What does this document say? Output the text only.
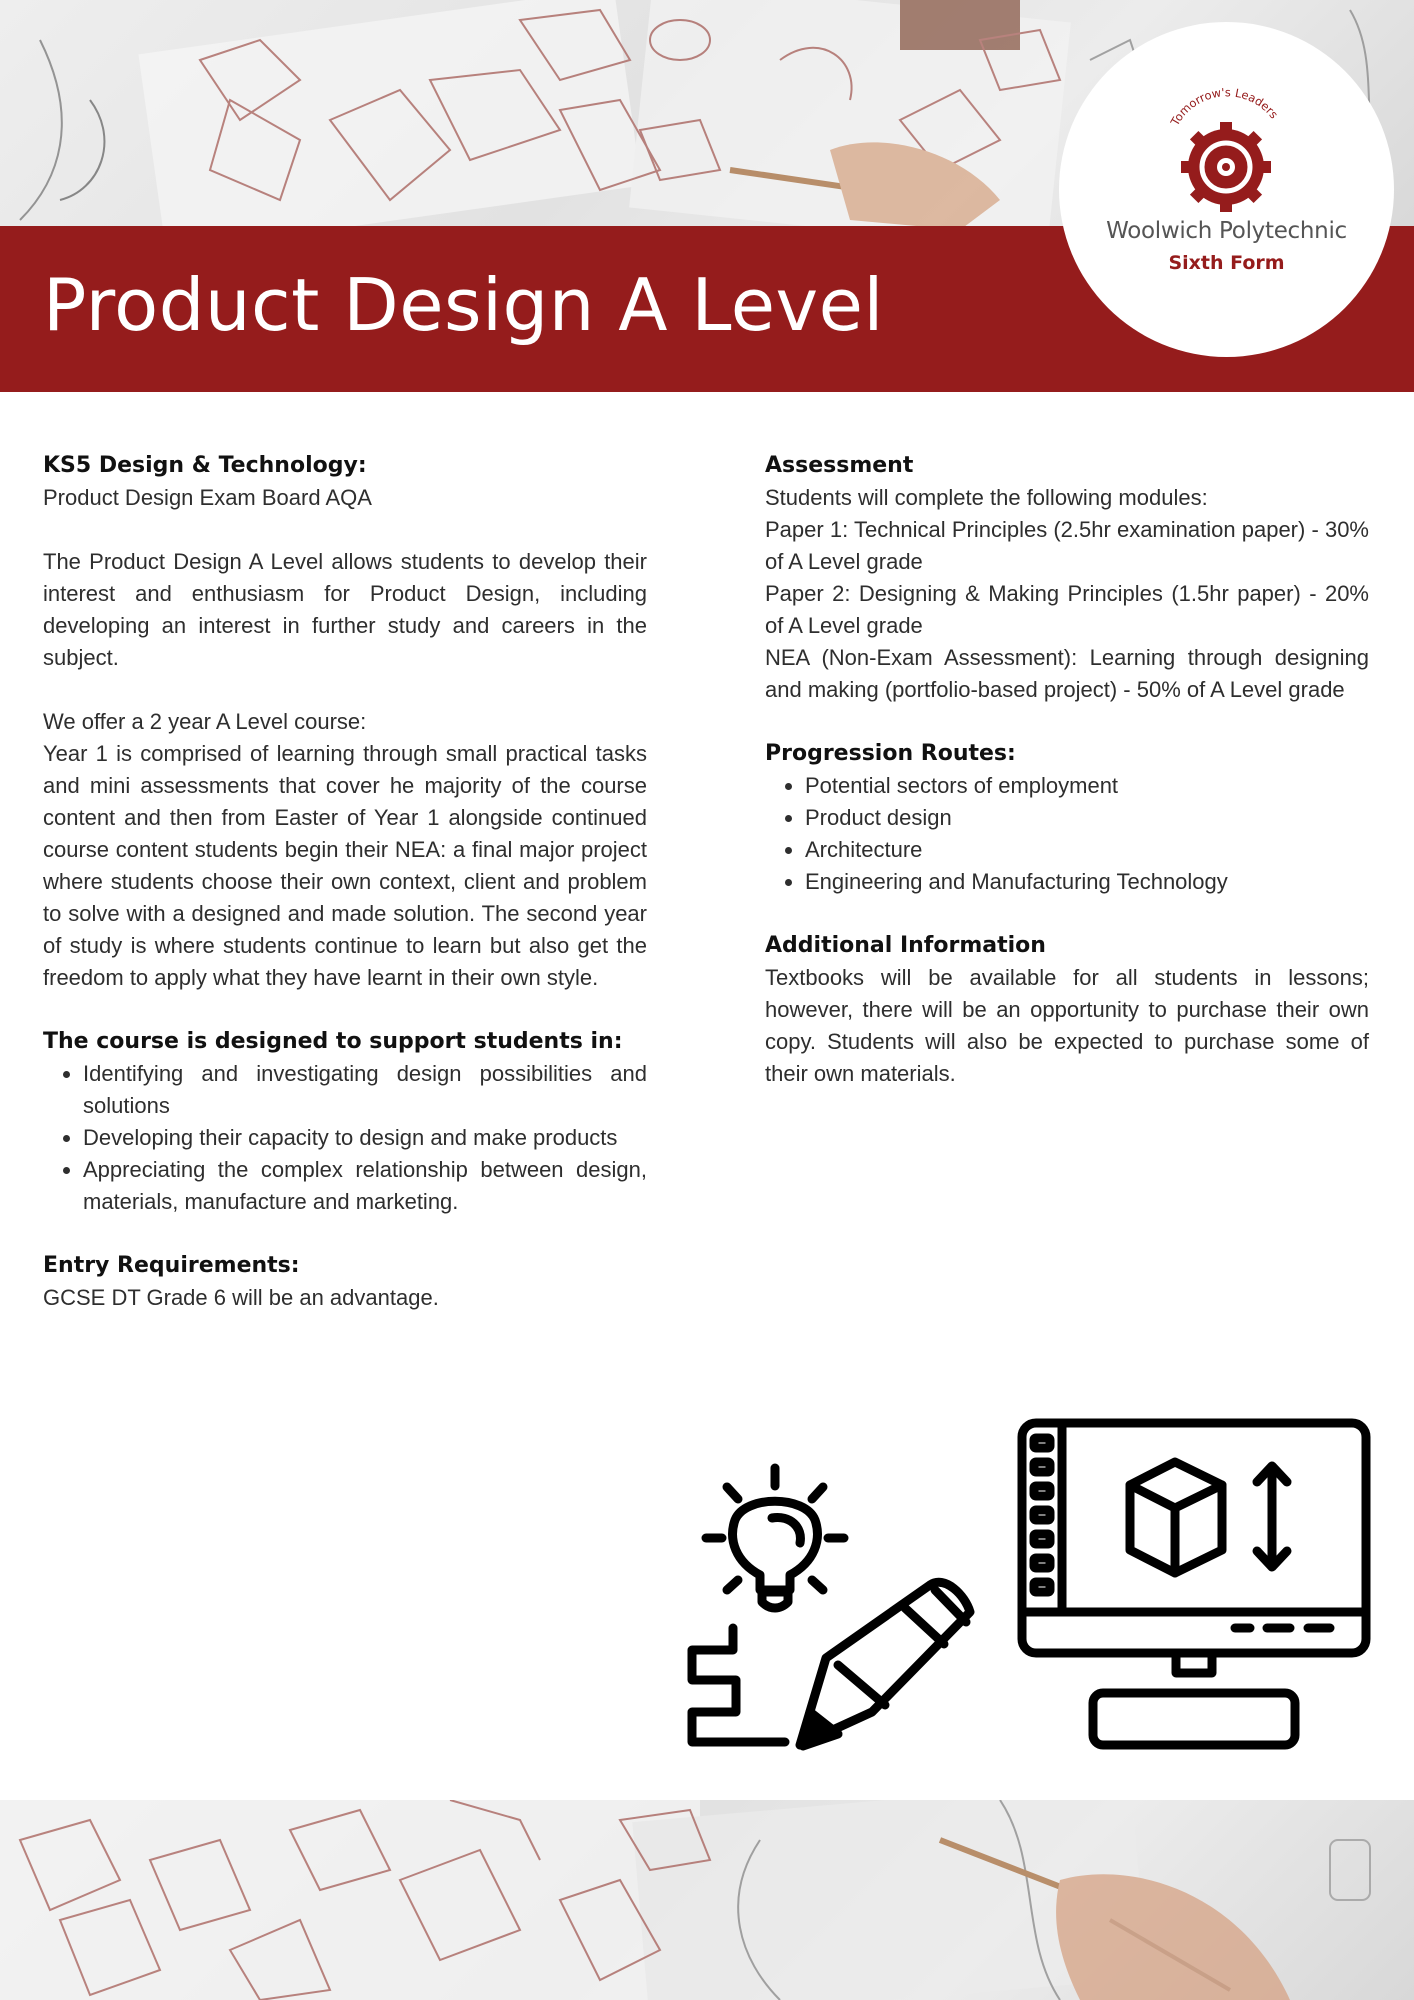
Product Design A Level
Tomorrow's Leaders
Woolwich Polytechnic
Sixth Form
KS5 Design & Technology:

Product Design Exam Board AQA

The Product Design A Level allows students to develop their interest and enthusiasm for Product Design, including developing an interest in further study and careers in the subject.

We offer a 2 year A Level course:

Year 1 is comprised of learning through small practical tasks and mini assessments that cover he majority of the course content and then from Easter of Year 1 alongside continued course content students begin their NEA: a final major project where students choose their own context, client and problem to solve with a designed and made solution. The second year of study is where students continue to learn but also get the freedom to apply what they have learnt in their own style.

The course is designed to support students in:
• Identifying and investigating design possibilities and solutions
• Developing their capacity to design and make products
• Appreciating the complex relationship between design, materials, manufacture and marketing.
Entry Requirements:

GCSE DT Grade 6 will be an advantage.

Assessment

Students will complete the following modules:

Paper 1: Technical Principles (2.5hr examination paper) - 30% of A Level grade

Paper 2: Designing & Making Principles (1.5hr paper) - 20% of A Level grade

NEA (Non-Exam Assessment): Learning through designing and making (portfolio-based project) - 50% of A Level grade

Progression Routes:
• Potential sectors of employment
• Product design
• Architecture
• Engineering and Manufacturing Technology
Additional Information

Textbooks will be available for all students in lessons; however, there will be an opportunity to purchase their own copy. Students will also be expected to purchase some of their own materials.
